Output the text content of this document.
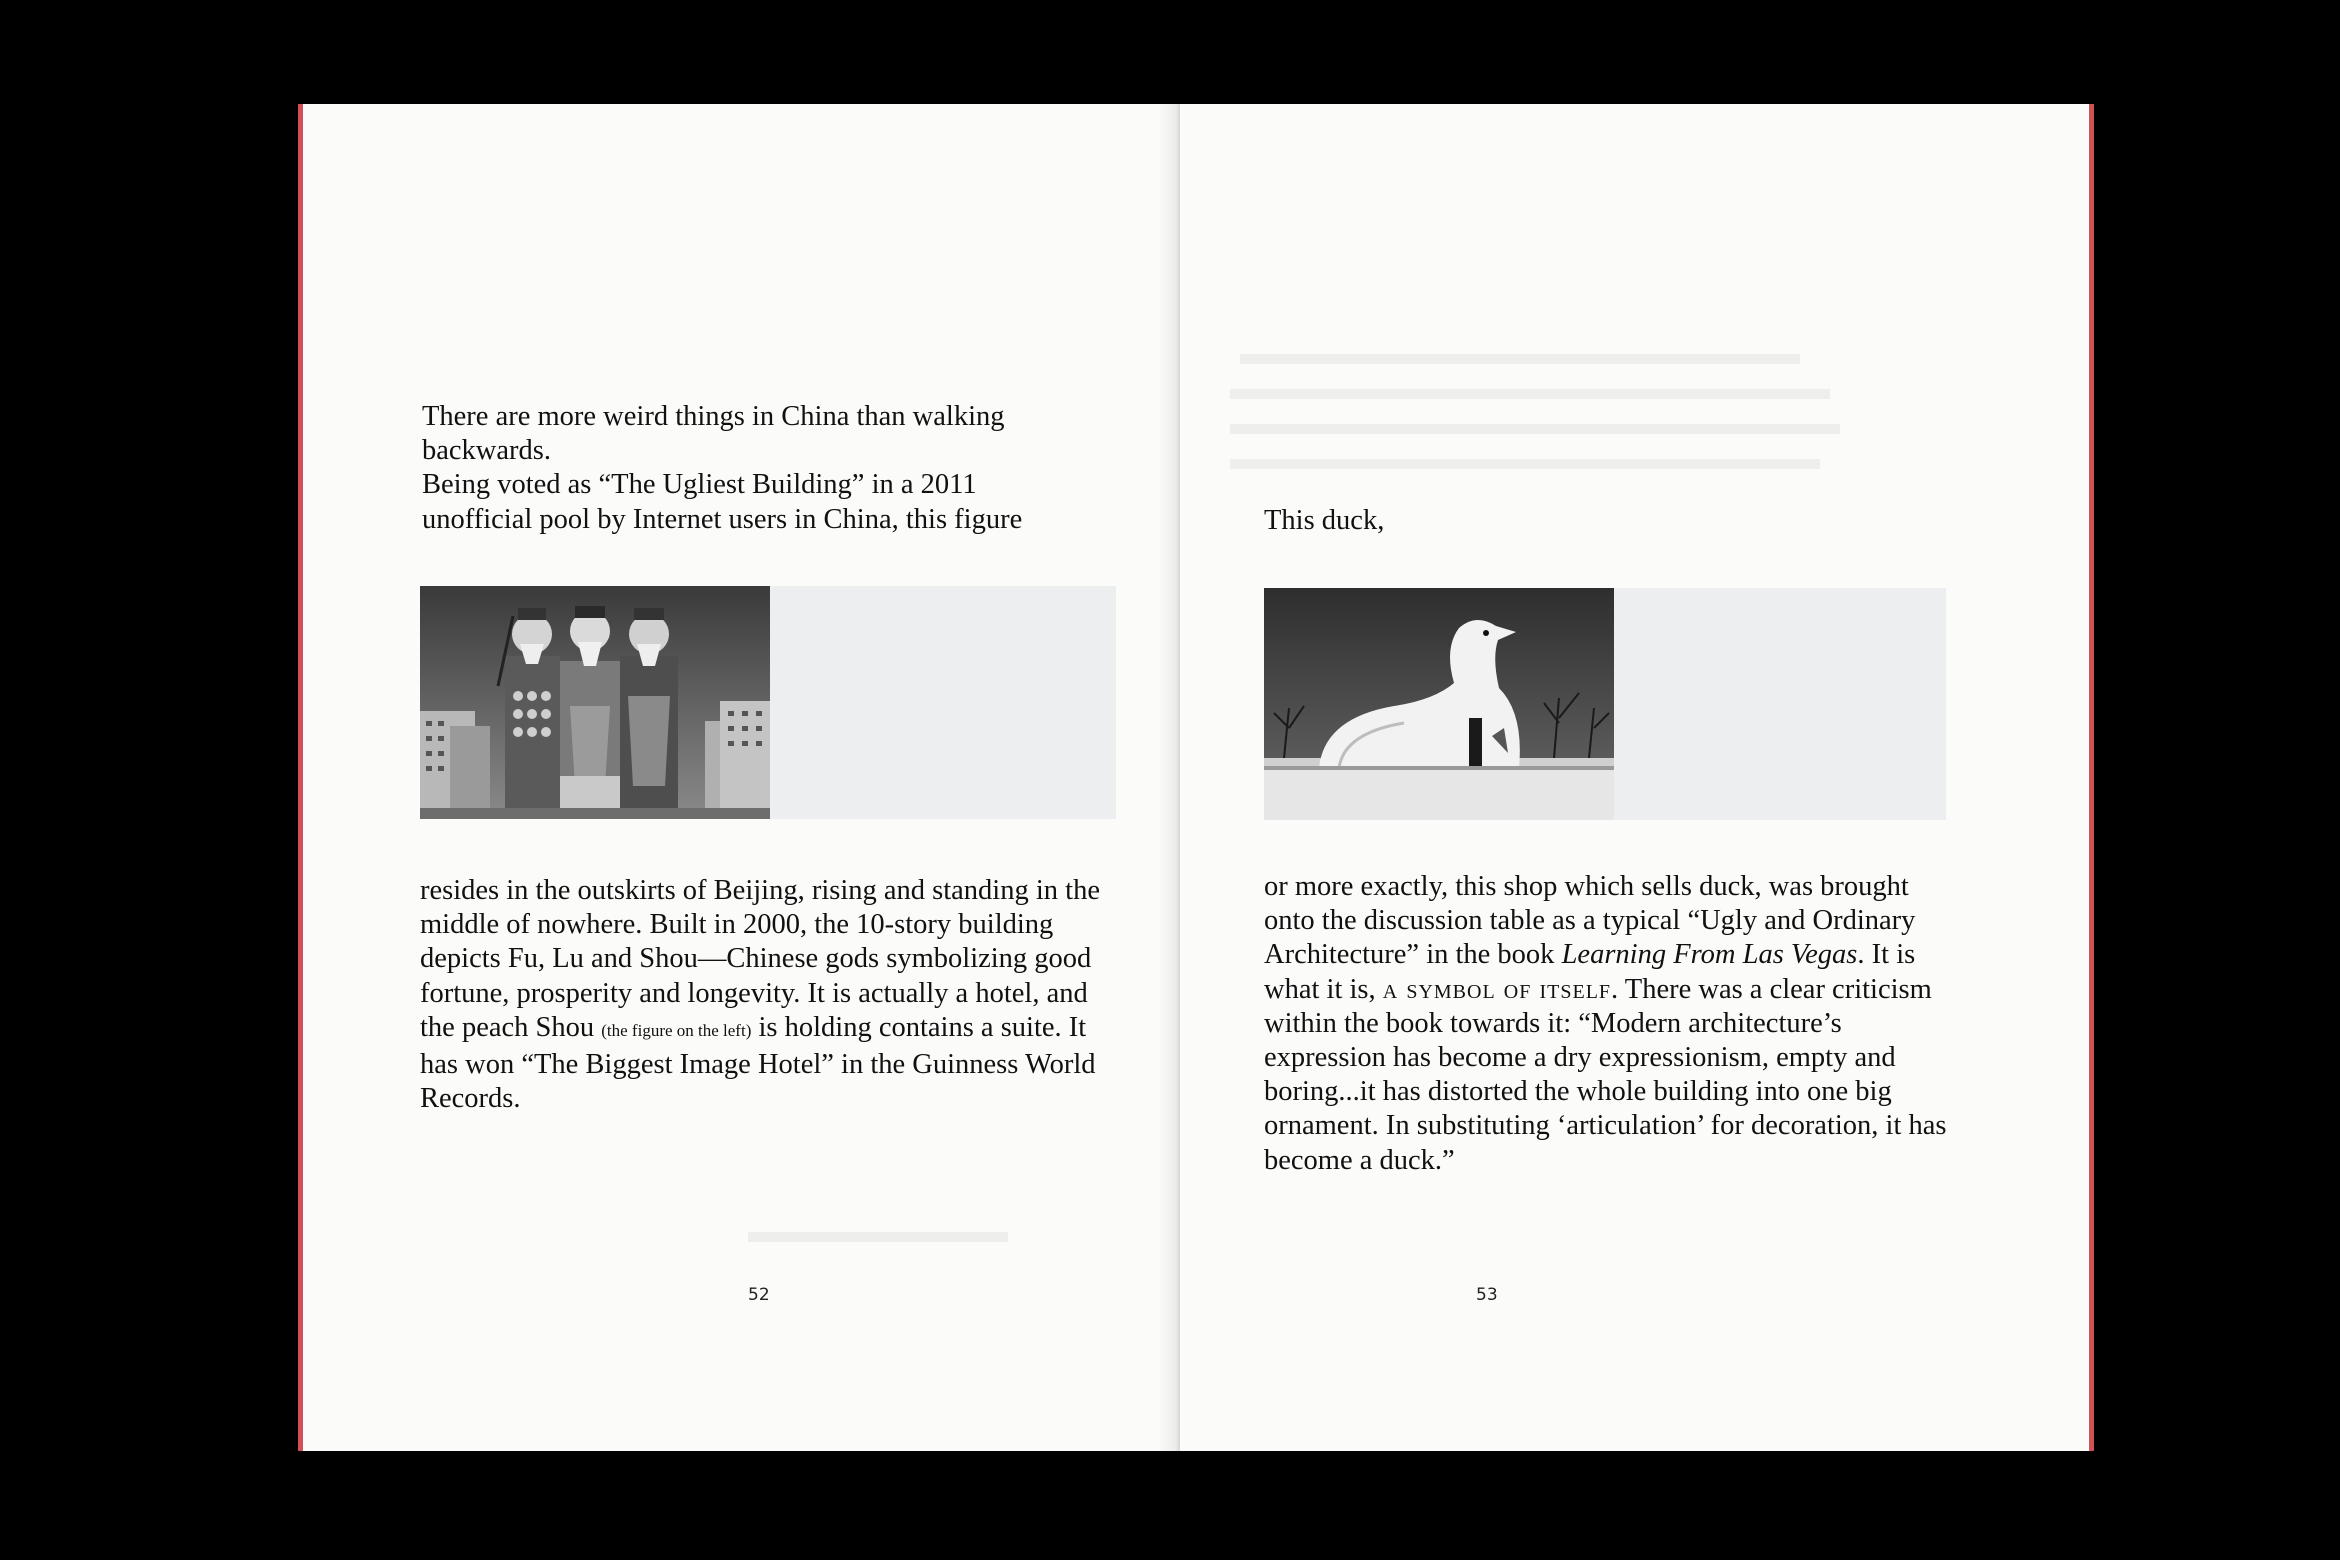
There are more weird things in China than walking backwards.
Being voted as “The Ugliest Building” in a 2011 unofficial pool by Internet users in China, this figure

resides in the outskirts of Beijing, rising and standing in the middle of nowhere. Built in 2000, the 10-story building depicts Fu, Lu and Shou—Chinese gods symbolizing good fortune, prosperity and longevity. It is actually a hotel, and the peach Shou (the figure on the left) is holding contains a suite. It has won “The Biggest Image Hotel” in the Guinness World Records.

52

This duck,

or more exactly, this shop which sells duck, was brought onto the discussion table as a typical “Ugly and Ordinary Architecture” in the book Learning From Las Vegas. It is what it is, a symbol of itself. There was a clear criticism within the book towards it: “Modern architecture’s expression has become a dry expressionism, empty and boring...it has distorted the whole building into one big ornament. In substituting ‘articulation’ for decoration, it has become a duck.”

53
